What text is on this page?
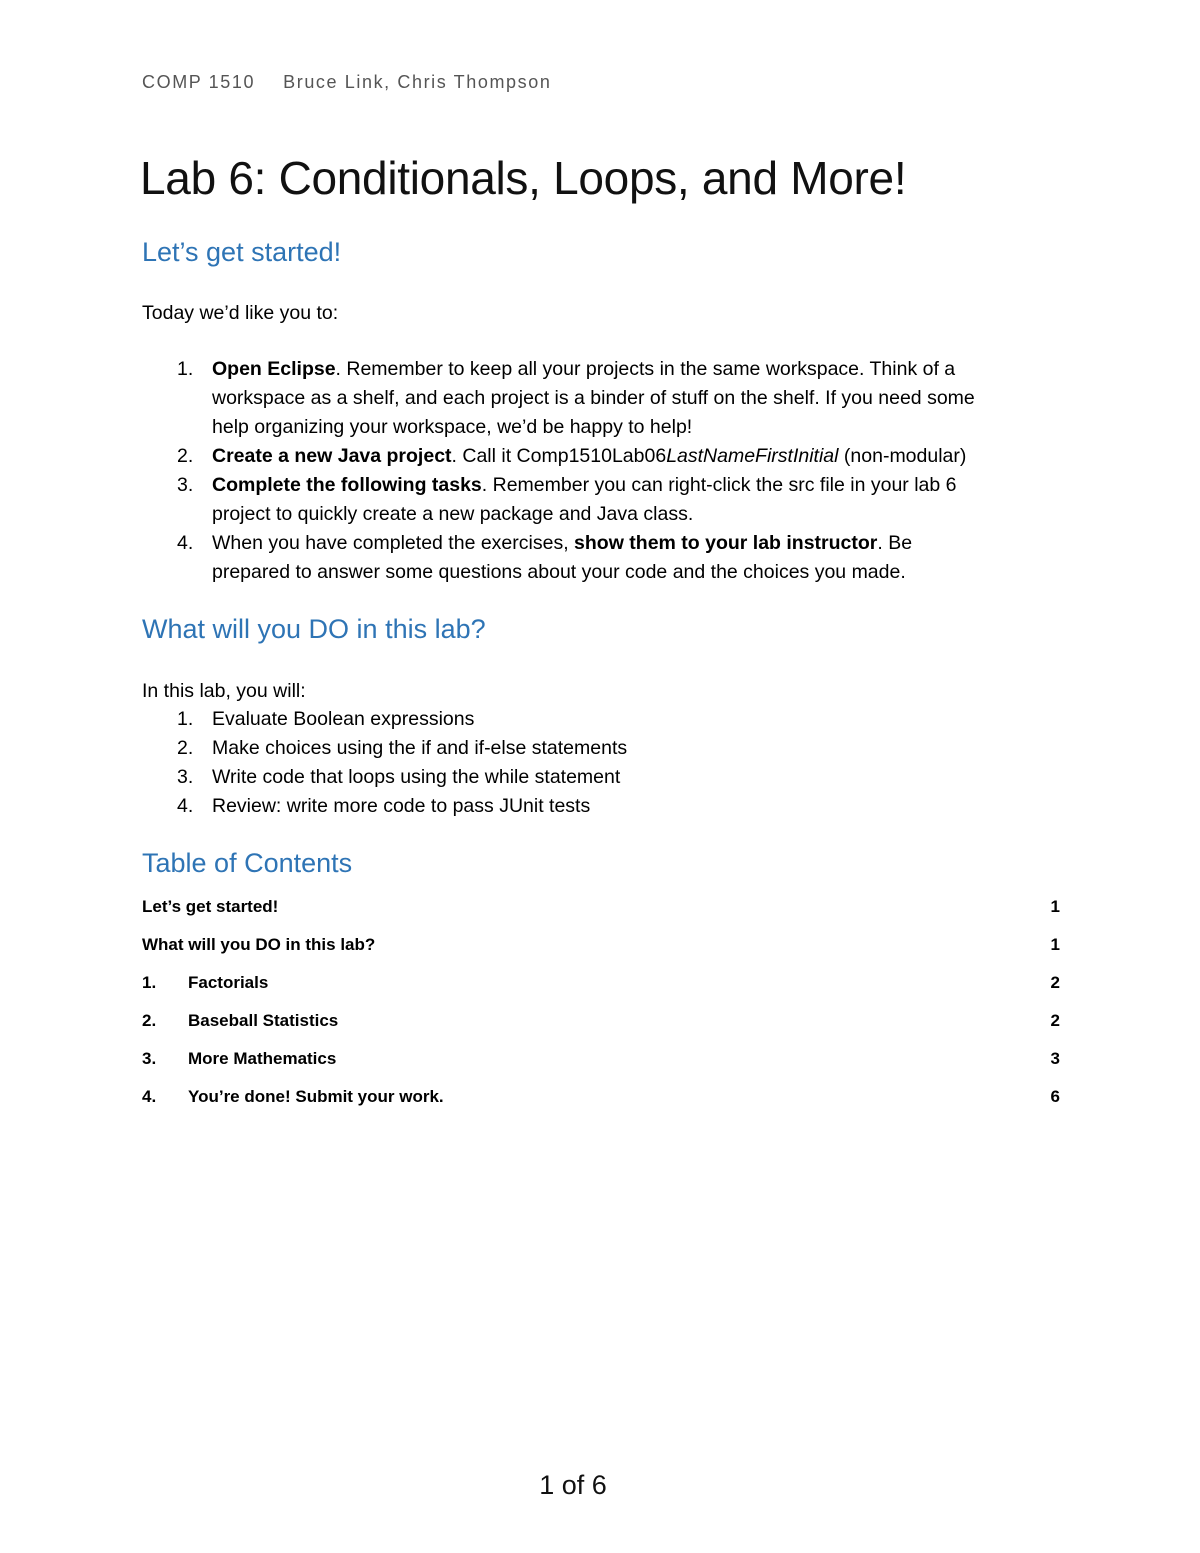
COMP 1510 Bruce Link, Chris Thompson
Lab 6: Conditionals, Loops, and More!
Let’s get started!
Today we’d like you to:
1. Open Eclipse. Remember to keep all your projects in the same workspace. Think of a
workspace as a shelf, and each project is a binder of stuff on the shelf. If you need some
help organizing your workspace, we’d be happy to help!
2. Create a new Java project. Call it Comp1510Lab06LastNameFirstInitial (non-modular)
3. Complete the following tasks. Remember you can right-click the src file in your lab 6
project to quickly create a new package and Java class.
4. When you have completed the exercises, show them to your lab instructor. Be
prepared to answer some questions about your code and the choices you made.
What will you DO in this lab?
In this lab, you will:
1. Evaluate Boolean expressions
2. Make choices using the if and if-else statements
3. Write code that loops using the while statement
4. Review: write more code to pass JUnit tests
Table of Contents
Let’s get started!	1
What will you DO in this lab?	1
1. Factorials	2
2. Baseball Statistics	2
3. More Mathematics	3
4. You’re done! Submit your work.	6
1 of 6
